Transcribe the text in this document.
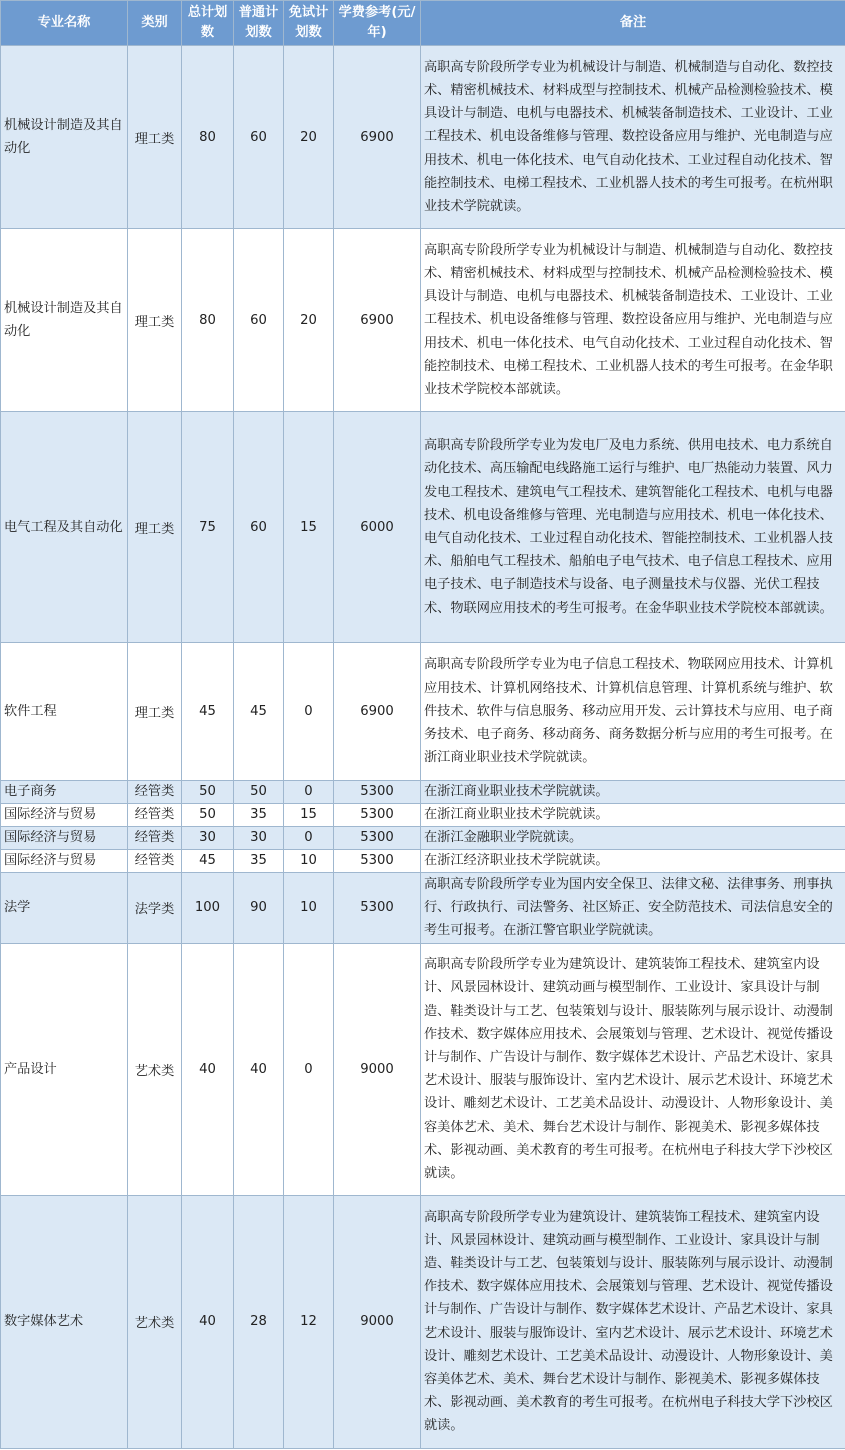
专业名称	类别	总计划数	普通计划数	免试计划数	学费参考(元/年)	备注
机械设计制造及其自动化	理工类	80	60	20	6900	高职高专阶段所学专业为机械设计与制造、机械制造与自动化、数控技术、精密机械技术、材料成型与控制技术、机械产品检测检验技术、模具设计与制造、电机与电器技术、机械装备制造技术、工业设计、工业工程技术、机电设备维修与管理、数控设备应用与维护、光电制造与应用技术、机电一体化技术、电气自动化技术、工业过程自动化技术、智能控制技术、电梯工程技术、工业机器人技术的考生可报考。在杭州职业技术学院就读。
机械设计制造及其自动化	理工类	80	60	20	6900	高职高专阶段所学专业为机械设计与制造、机械制造与自动化、数控技术、精密机械技术、材料成型与控制技术、机械产品检测检验技术、模具设计与制造、电机与电器技术、机械装备制造技术、工业设计、工业工程技术、机电设备维修与管理、数控设备应用与维护、光电制造与应用技术、机电一体化技术、电气自动化技术、工业过程自动化技术、智能控制技术、电梯工程技术、工业机器人技术的考生可报考。在金华职业技术学院校本部就读。
电气工程及其自动化	理工类	75	60	15	6000	高职高专阶段所学专业为发电厂及电力系统、供用电技术、电力系统自动化技术、高压输配电线路施工运行与维护、电厂热能动力装置、风力发电工程技术、建筑电气工程技术、建筑智能化工程技术、电机与电器技术、机电设备维修与管理、光电制造与应用技术、机电一体化技术、电气自动化技术、工业过程自动化技术、智能控制技术、工业机器人技术、船舶电气工程技术、船舶电子电气技术、电子信息工程技术、应用电子技术、电子制造技术与设备、电子测量技术与仪器、光伏工程技术、物联网应用技术的考生可报考。在金华职业技术学院校本部就读。
软件工程	理工类	45	45	0	6900	高职高专阶段所学专业为电子信息工程技术、物联网应用技术、计算机应用技术、计算机网络技术、计算机信息管理、计算机系统与维护、软件技术、软件与信息服务、移动应用开发、云计算技术与应用、电子商务技术、电子商务、移动商务、商务数据分析与应用的考生可报考。在浙江商业职业技术学院就读。
电子商务	经管类	50	50	0	5300	在浙江商业职业技术学院就读。
国际经济与贸易	经管类	50	35	15	5300	在浙江商业职业技术学院就读。
国际经济与贸易	经管类	30	30	0	5300	在浙江金融职业学院就读。
国际经济与贸易	经管类	45	35	10	5300	在浙江经济职业技术学院就读。
法学	法学类	100	90	10	5300	高职高专阶段所学专业为国内安全保卫、法律文秘、法律事务、刑事执行、行政执行、司法警务、社区矫正、安全防范技术、司法信息安全的考生可报考。在浙江警官职业学院就读。
产品设计	艺术类	40	40	0	9000	高职高专阶段所学专业为建筑设计、建筑装饰工程技术、建筑室内设计、风景园林设计、建筑动画与模型制作、工业设计、家具设计与制造、鞋类设计与工艺、包装策划与设计、服装陈列与展示设计、动漫制作技术、数字媒体应用技术、会展策划与管理、艺术设计、视觉传播设计与制作、广告设计与制作、数字媒体艺术设计、产品艺术设计、家具艺术设计、服装与服饰设计、室内艺术设计、展示艺术设计、环境艺术设计、雕刻艺术设计、工艺美术品设计、动漫设计、人物形象设计、美容美体艺术、美术、舞台艺术设计与制作、影视美术、影视多媒体技术、影视动画、美术教育的考生可报考。在杭州电子科技大学下沙校区就读。
数字媒体艺术	艺术类	40	28	12	9000	高职高专阶段所学专业为建筑设计、建筑装饰工程技术、建筑室内设计、风景园林设计、建筑动画与模型制作、工业设计、家具设计与制造、鞋类设计与工艺、包装策划与设计、服装陈列与展示设计、动漫制作技术、数字媒体应用技术、会展策划与管理、艺术设计、视觉传播设计与制作、广告设计与制作、数字媒体艺术设计、产品艺术设计、家具艺术设计、服装与服饰设计、室内艺术设计、展示艺术设计、环境艺术设计、雕刻艺术设计、工艺美术品设计、动漫设计、人物形象设计、美容美体艺术、美术、舞台艺术设计与制作、影视美术、影视多媒体技术、影视动画、美术教育的考生可报考。在杭州电子科技大学下沙校区就读。
